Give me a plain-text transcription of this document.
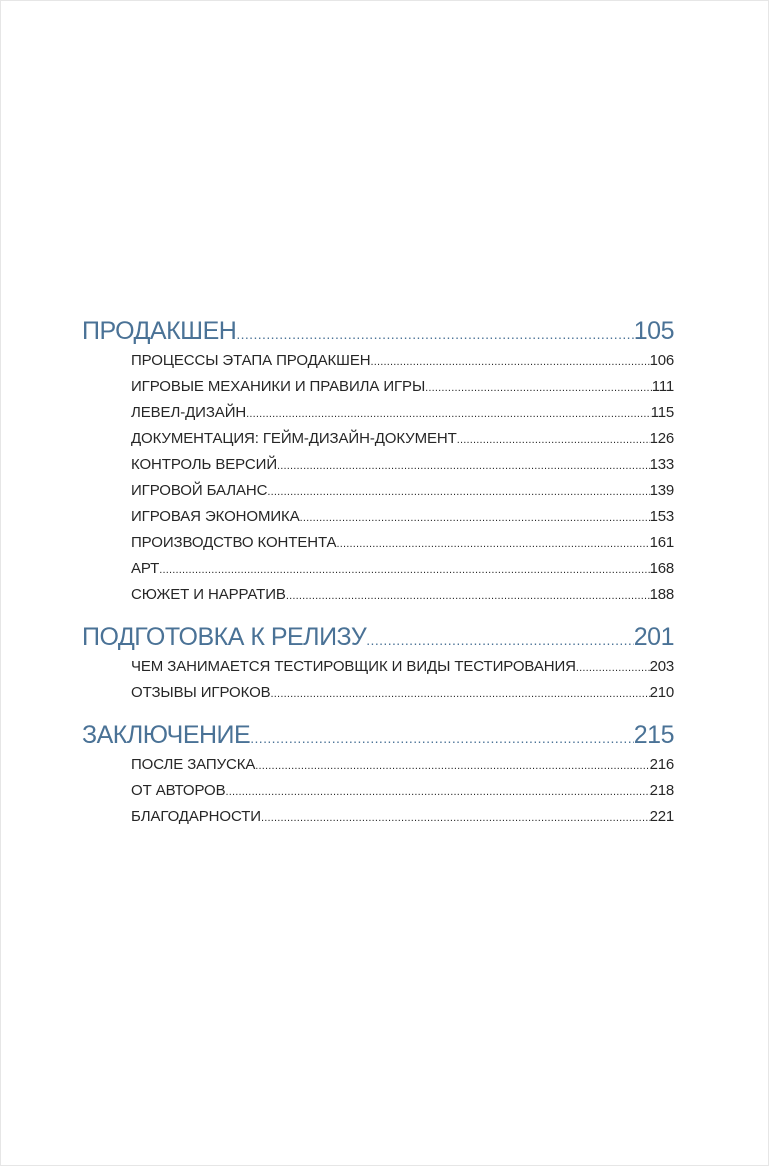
ПРОДАКШЕН .....	105
ПРОЦЕССЫ ЭТАПА ПРОДАКШЕН .....	106
ИГРОВЫЕ МЕХАНИКИ И ПРАВИЛА ИГРЫ .....	111
ЛЕВЕЛ-ДИЗАЙН .....	115
ДОКУМЕНТАЦИЯ: ГЕЙМ-ДИЗАЙН-ДОКУМЕНТ .....	126
КОНТРОЛЬ ВЕРСИЙ .....	133
ИГРОВОЙ БАЛАНС .....	139
ИГРОВАЯ ЭКОНОМИКА .....	153
ПРОИЗВОДСТВО КОНТЕНТА .....	161
АРТ .....	168
СЮЖЕТ И НАРРАТИВ .....	188
ПОДГОТОВКА К РЕЛИЗУ .....	201
ЧЕМ ЗАНИМАЕТСЯ ТЕСТИРОВЩИК И ВИДЫ ТЕСТИРОВАНИЯ .....	203
ОТЗЫВЫ ИГРОКОВ .....	210
ЗАКЛЮЧЕНИЕ .....	215
ПОСЛЕ ЗАПУСКА .....	216
ОТ АВТОРОВ .....	218
БЛАГОДАРНОСТИ .....	221
